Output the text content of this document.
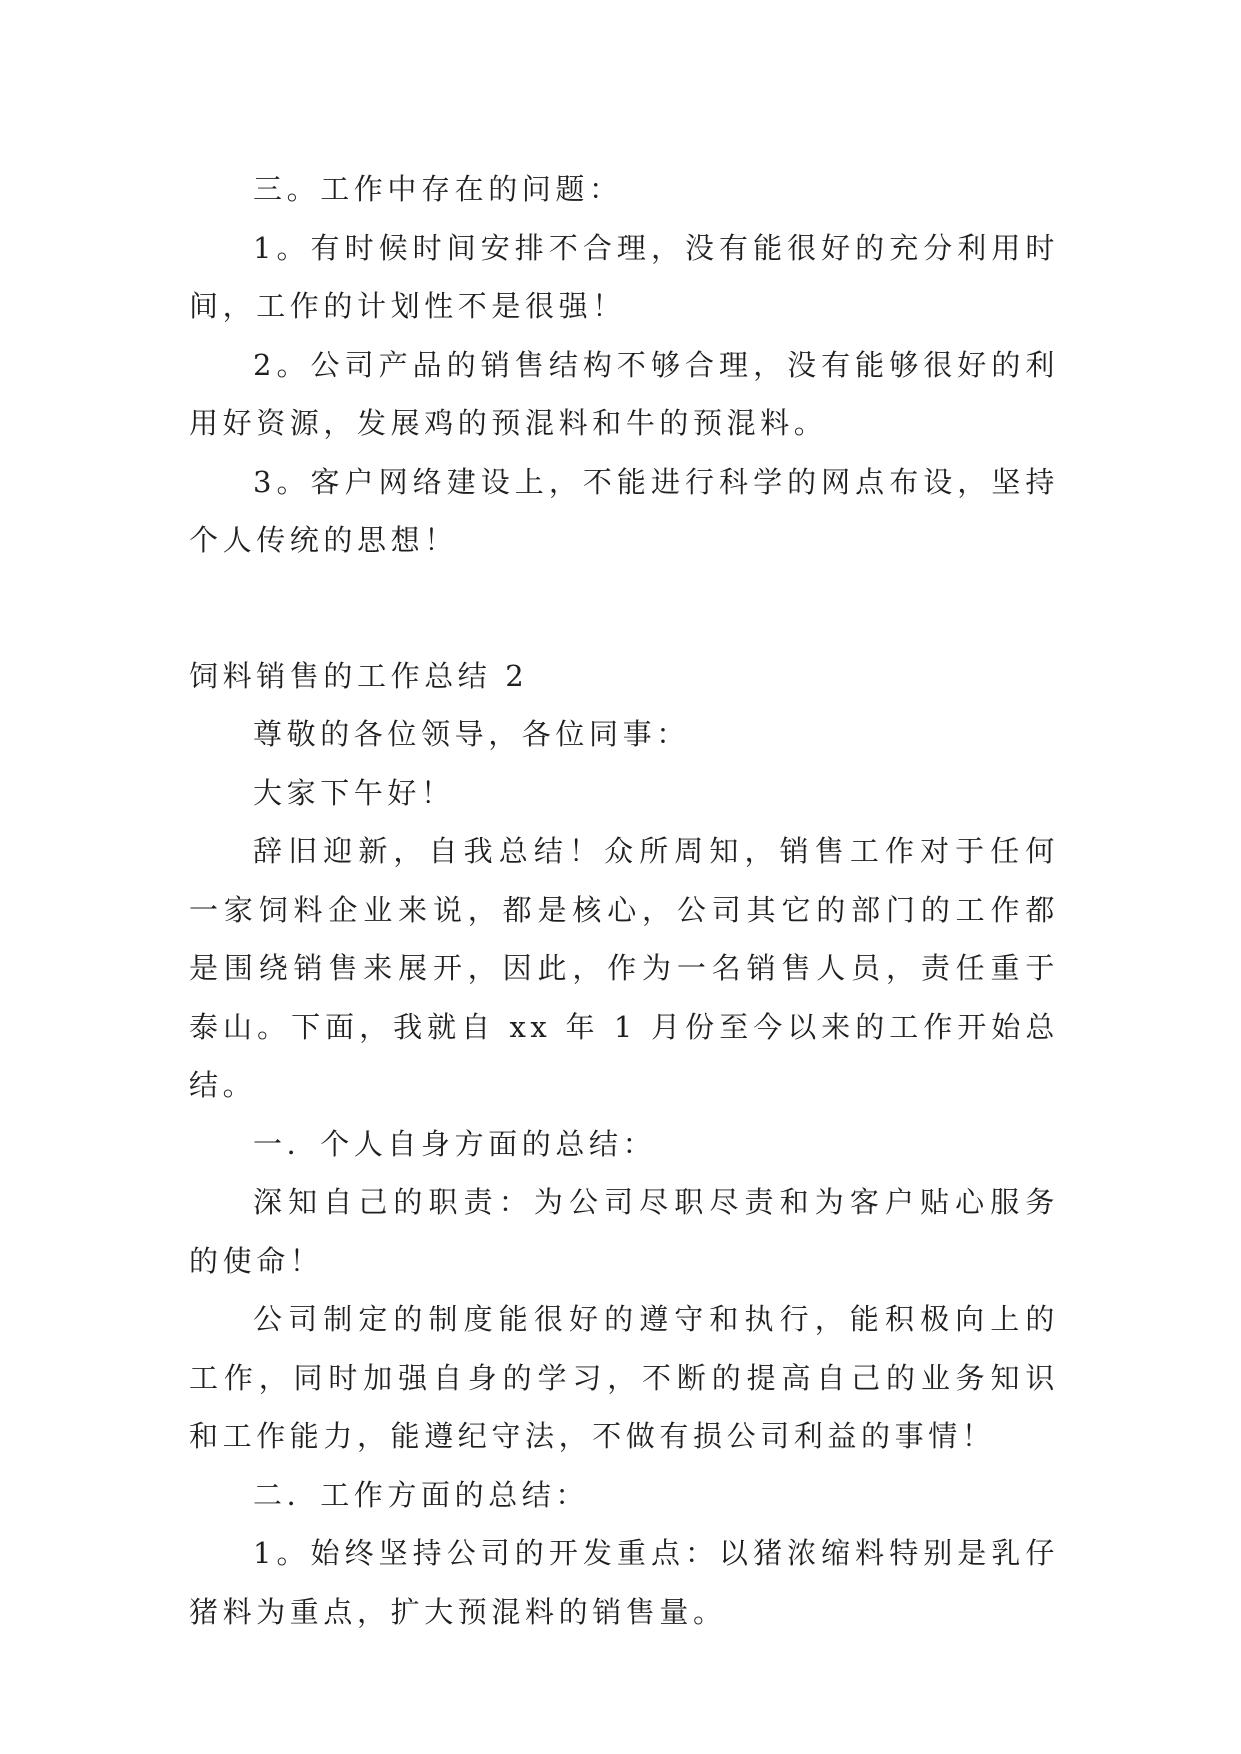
三。工作中存在的问题：

1。有时候时间安排不合理，没有能很好的充分利用时间，工作的计划性不是很强！

2。公司产品的销售结构不够合理，没有能够很好的利用好资源，发展鸡的预混料和牛的预混料。

3。客户网络建设上，不能进行科学的网点布设，坚持个人传统的思想！

饲料销售的工作总结 2

尊敬的各位领导，各位同事：

大家下午好！

辞旧迎新，自我总结！众所周知，销售工作对于任何一家饲料企业来说，都是核心，公司其它的部门的工作都是围绕销售来展开，因此，作为一名销售人员，责任重于泰山。下面，我就自 xx 年 1 月份至今以来的工作开始总结。

一．个人自身方面的总结：

深知自己的职责：为公司尽职尽责和为客户贴心服务的使命！

公司制定的制度能很好的遵守和执行，能积极向上的工作，同时加强自身的学习，不断的提高自己的业务知识和工作能力，能遵纪守法，不做有损公司利益的事情！

二．工作方面的总结：

1。始终坚持公司的开发重点：以猪浓缩料特别是乳仔猪料为重点，扩大预混料的销售量。
